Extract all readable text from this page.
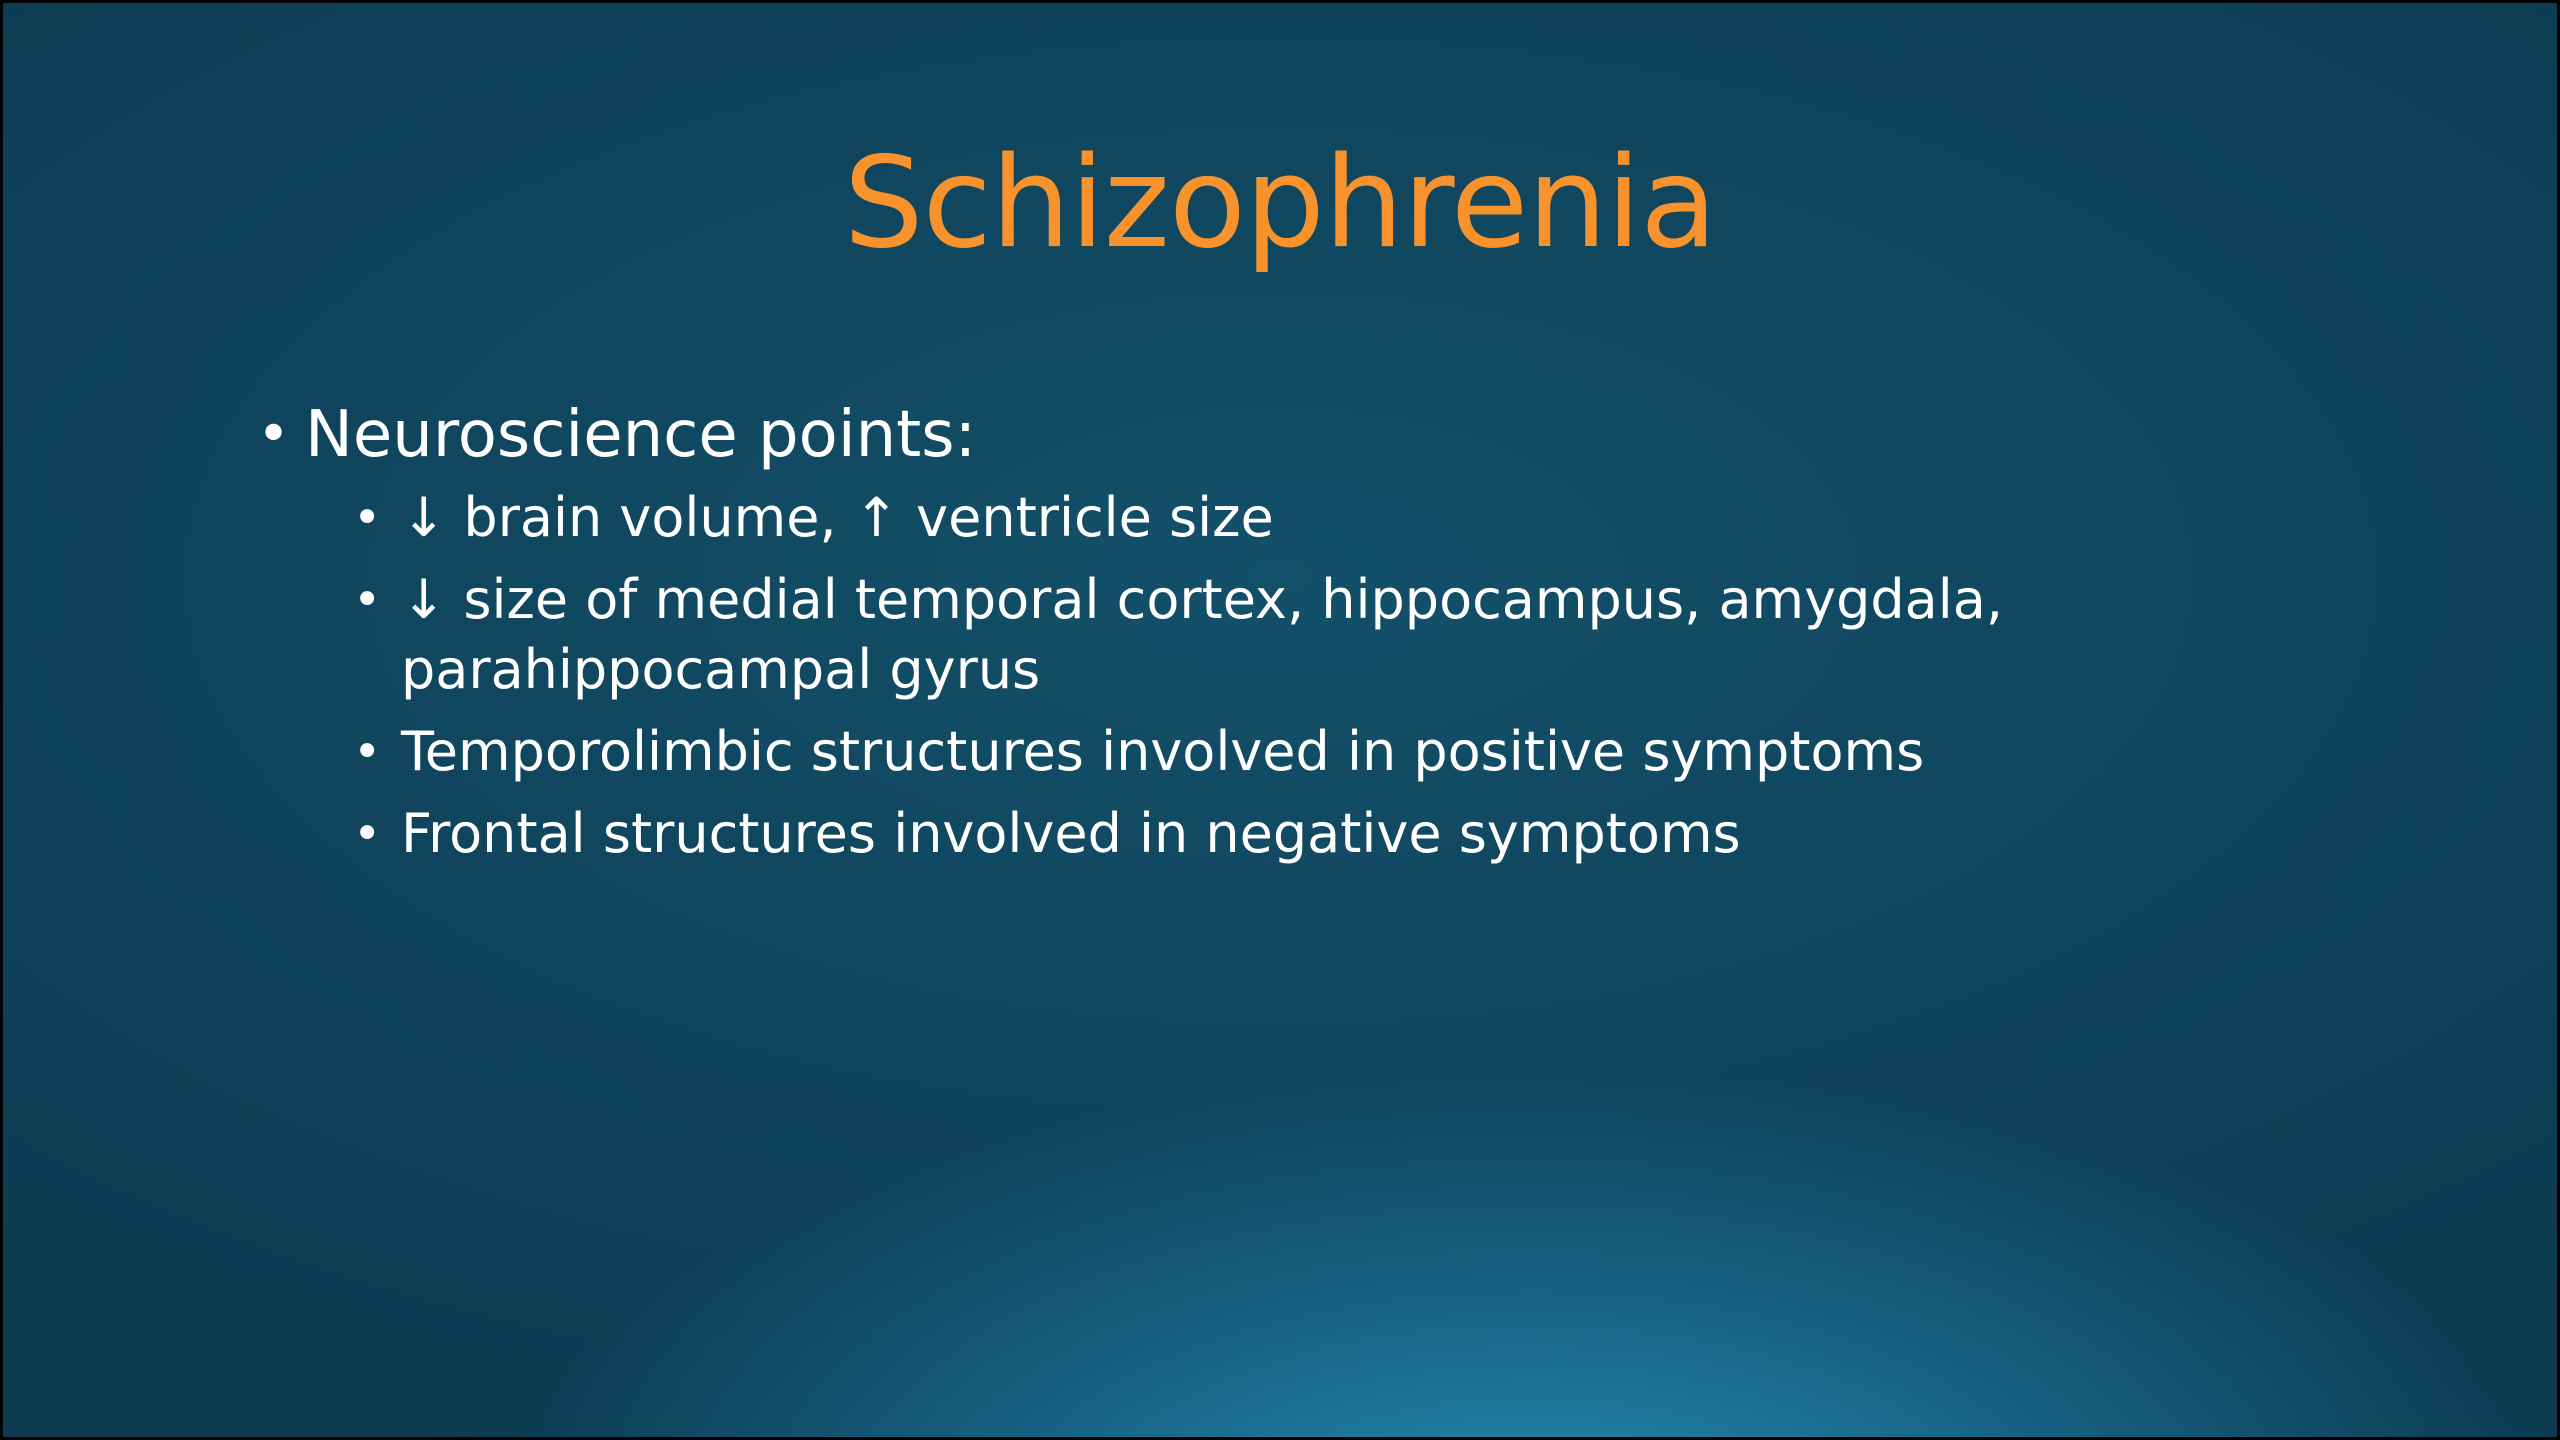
Schizophrenia
• Neuroscience points:
• ↓ brain volume, ↑ ventricle size
• ↓ size of medial temporal cortex, hippocampus, amygdala,
parahippocampal gyrus
• Temporolimbic structures involved in positive symptoms
• Frontal structures involved in negative symptoms
